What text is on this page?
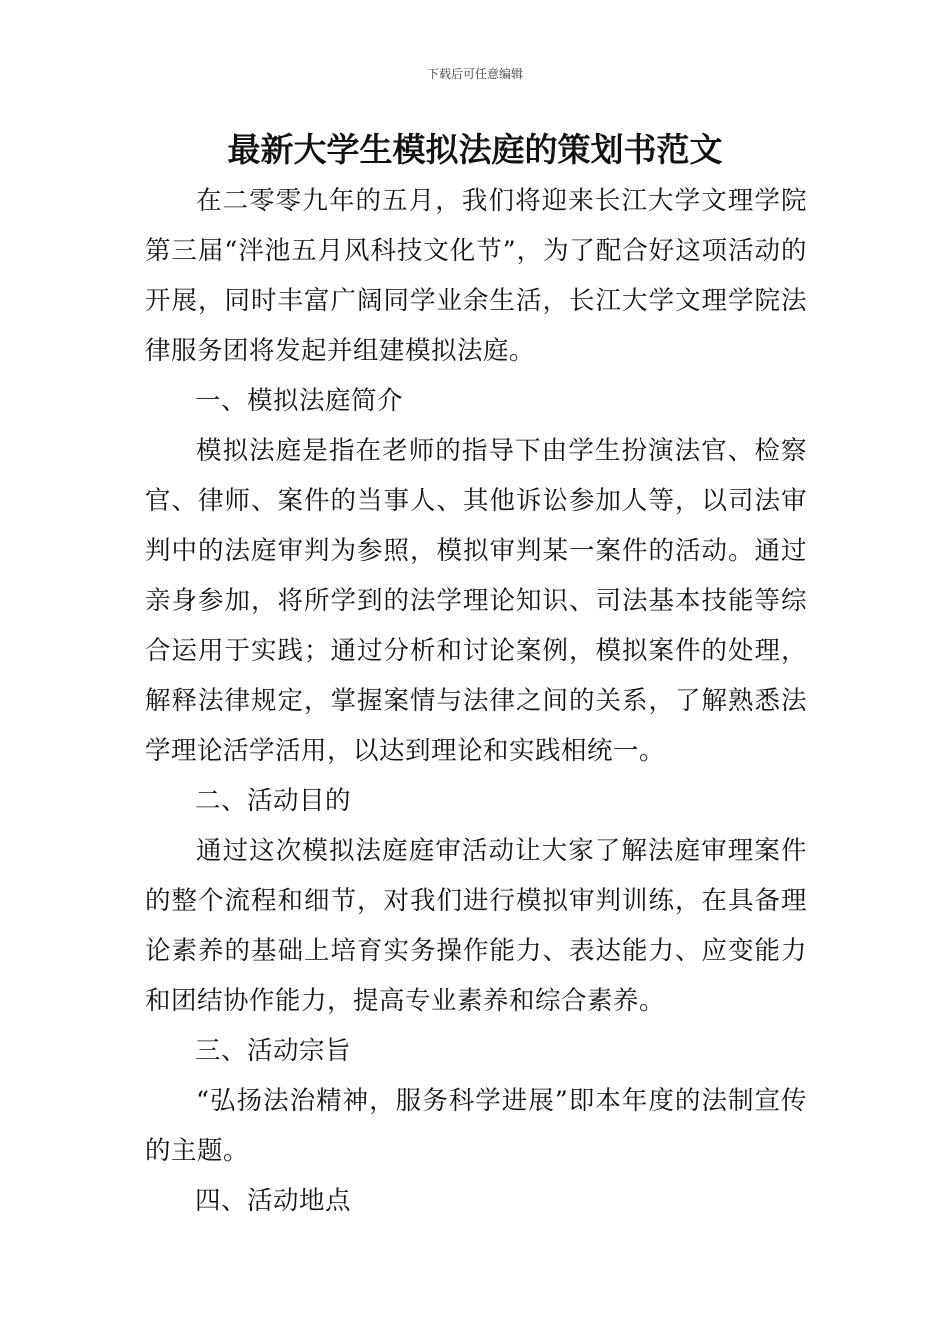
下载后可任意编辑
最新大学生模拟法庭的策划书范文

在二零零九年的五月，我们将迎来长江大学文理学院第三届“泮池五月风科技文化节”，为了配合好这项活动的开展，同时丰富广阔同学业余生活，长江大学文理学院法律服务团将发起并组建模拟法庭。

一、模拟法庭简介

模拟法庭是指在老师的指导下由学生扮演法官、检察官、律师、案件的当事人、其他诉讼参加人等，以司法审判中的法庭审判为参照，模拟审判某一案件的活动。通过亲身参加，将所学到的法学理论知识、司法基本技能等综合运用于实践；通过分析和讨论案例，模拟案件的处理，解释法律规定，掌握案情与法律之间的关系，了解熟悉法学理论活学活用，以达到理论和实践相统一。

二、活动目的

通过这次模拟法庭庭审活动让大家了解法庭审理案件的整个流程和细节，对我们进行模拟审判训练，在具备理论素养的基础上培育实务操作能力、表达能力、应变能力和团结协作能力，提高专业素养和综合素养。

三、活动宗旨

“弘扬法治精神，服务科学进展”即本年度的法制宣传的主题。

四、活动地点
